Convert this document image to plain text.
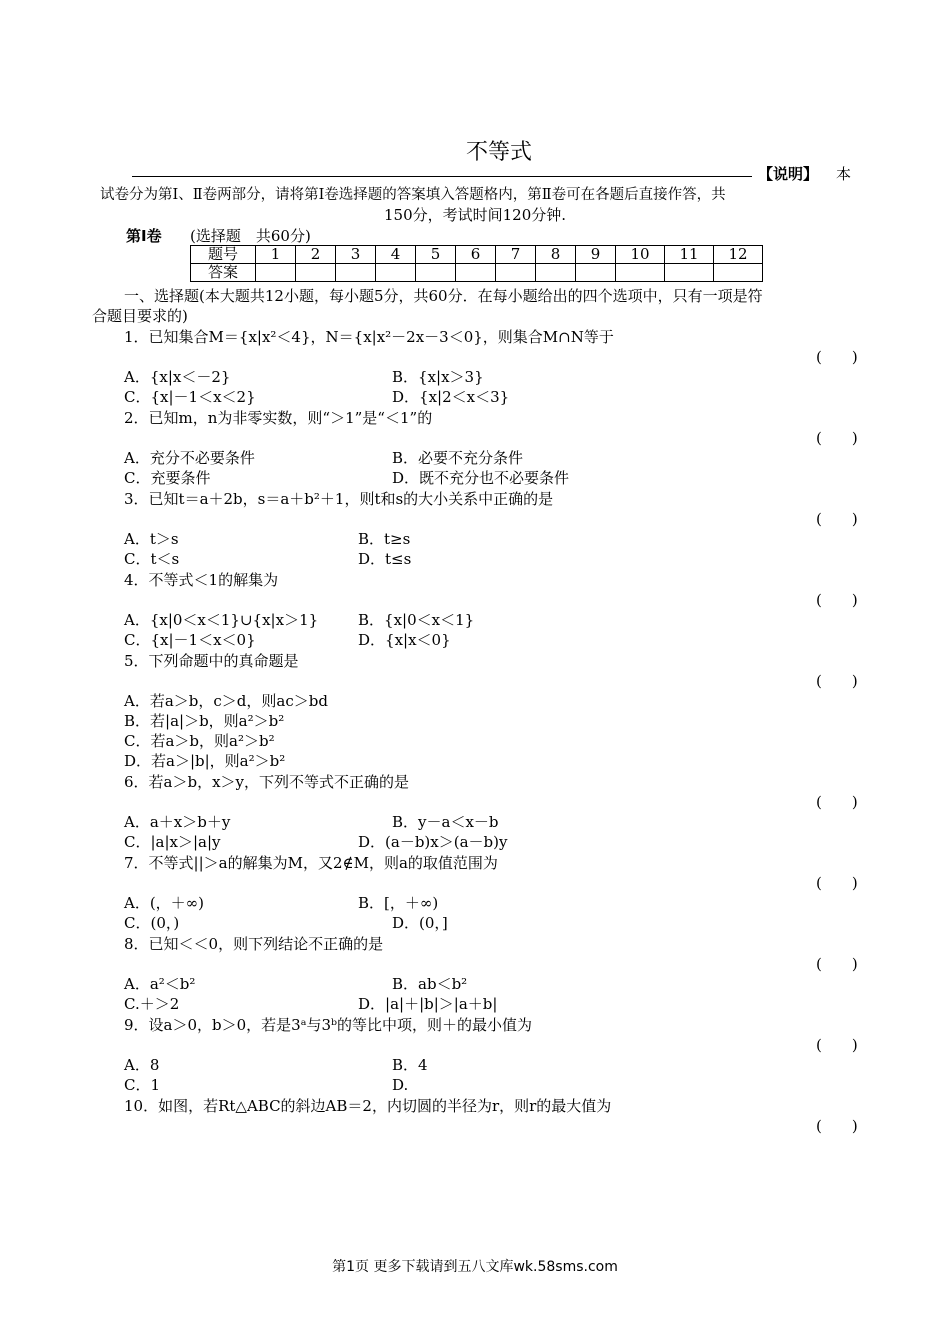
不等式
【说明】 本
试卷分为第Ⅰ、Ⅱ卷两部分，请将第Ⅰ卷选择题的答案填入答题格内，第Ⅱ卷可在各题后直接作答，共
150分，考试时间120分钟.
第Ⅰ卷 (选择题　共60分)
题号	1	2	3	4	5	6	7	8	9	10	11	12
答案												
一、选择题(本大题共12小题，每小题5分，共60分．在每小题给出的四个选项中，只有一项是符
合题目要求的)
1．已知集合M＝{x|x²＜4}，N＝{x|x²－2x－3＜0}，则集合M∩N等于
(　　)
A．{x|x＜－2}	B．{x|x＞3}
C．{x|－1＜x＜2}	D．{x|2＜x＜3}
2．已知m，n为非零实数，则“＞1”是“＜1”的
(　　)
A．充分不必要条件	B．必要不充分条件
C．充要条件	D．既不充分也不必要条件
3．已知t＝a＋2b，s＝a＋b²＋1，则t和s的大小关系中正确的是
(　　)
A．t＞s	B．t≥s
C．t＜s	D．t≤s
4．不等式＜1的解集为
(　　)
A．{x|0＜x＜1}∪{x|x＞1}	B．{x|0＜x＜1}
C．{x|－1＜x＜0}	D．{x|x＜0}
5．下列命题中的真命题是
(　　)
A．若a＞b，c＞d，则ac＞bd
B．若|a|＞b，则a²＞b²
C．若a＞b，则a²＞b²
D．若a＞|b|，则a²＞b²
6．若a＞b，x＞y，下列不等式不正确的是
(　　)
A．a＋x＞b＋y	B．y－a＜x－b
C．|a|x＞|a|y	D．(a－b)x＞(a－b)y
7．不等式||＞a的解集为M，又2∉M，则a的取值范围为
(　　)
A．(，＋∞)	B．[，＋∞)
C．(0，)	D．(0，]
8．已知＜＜0，则下列结论不正确的是
(　　)
A．a²＜b²	B．ab＜b²
C.＋＞2	D．|a|＋|b|＞|a＋b|
9．设a＞0，b＞0，若是3ᵃ与3ᵇ的等比中项，则＋的最小值为
(　　)
A．8	B．4
C．1	D.
10．如图，若Rt△ABC的斜边AB＝2，内切圆的半径为r，则r的最大值为
(　　)
第1页 更多下载请到五八文库wk.58sms.com
